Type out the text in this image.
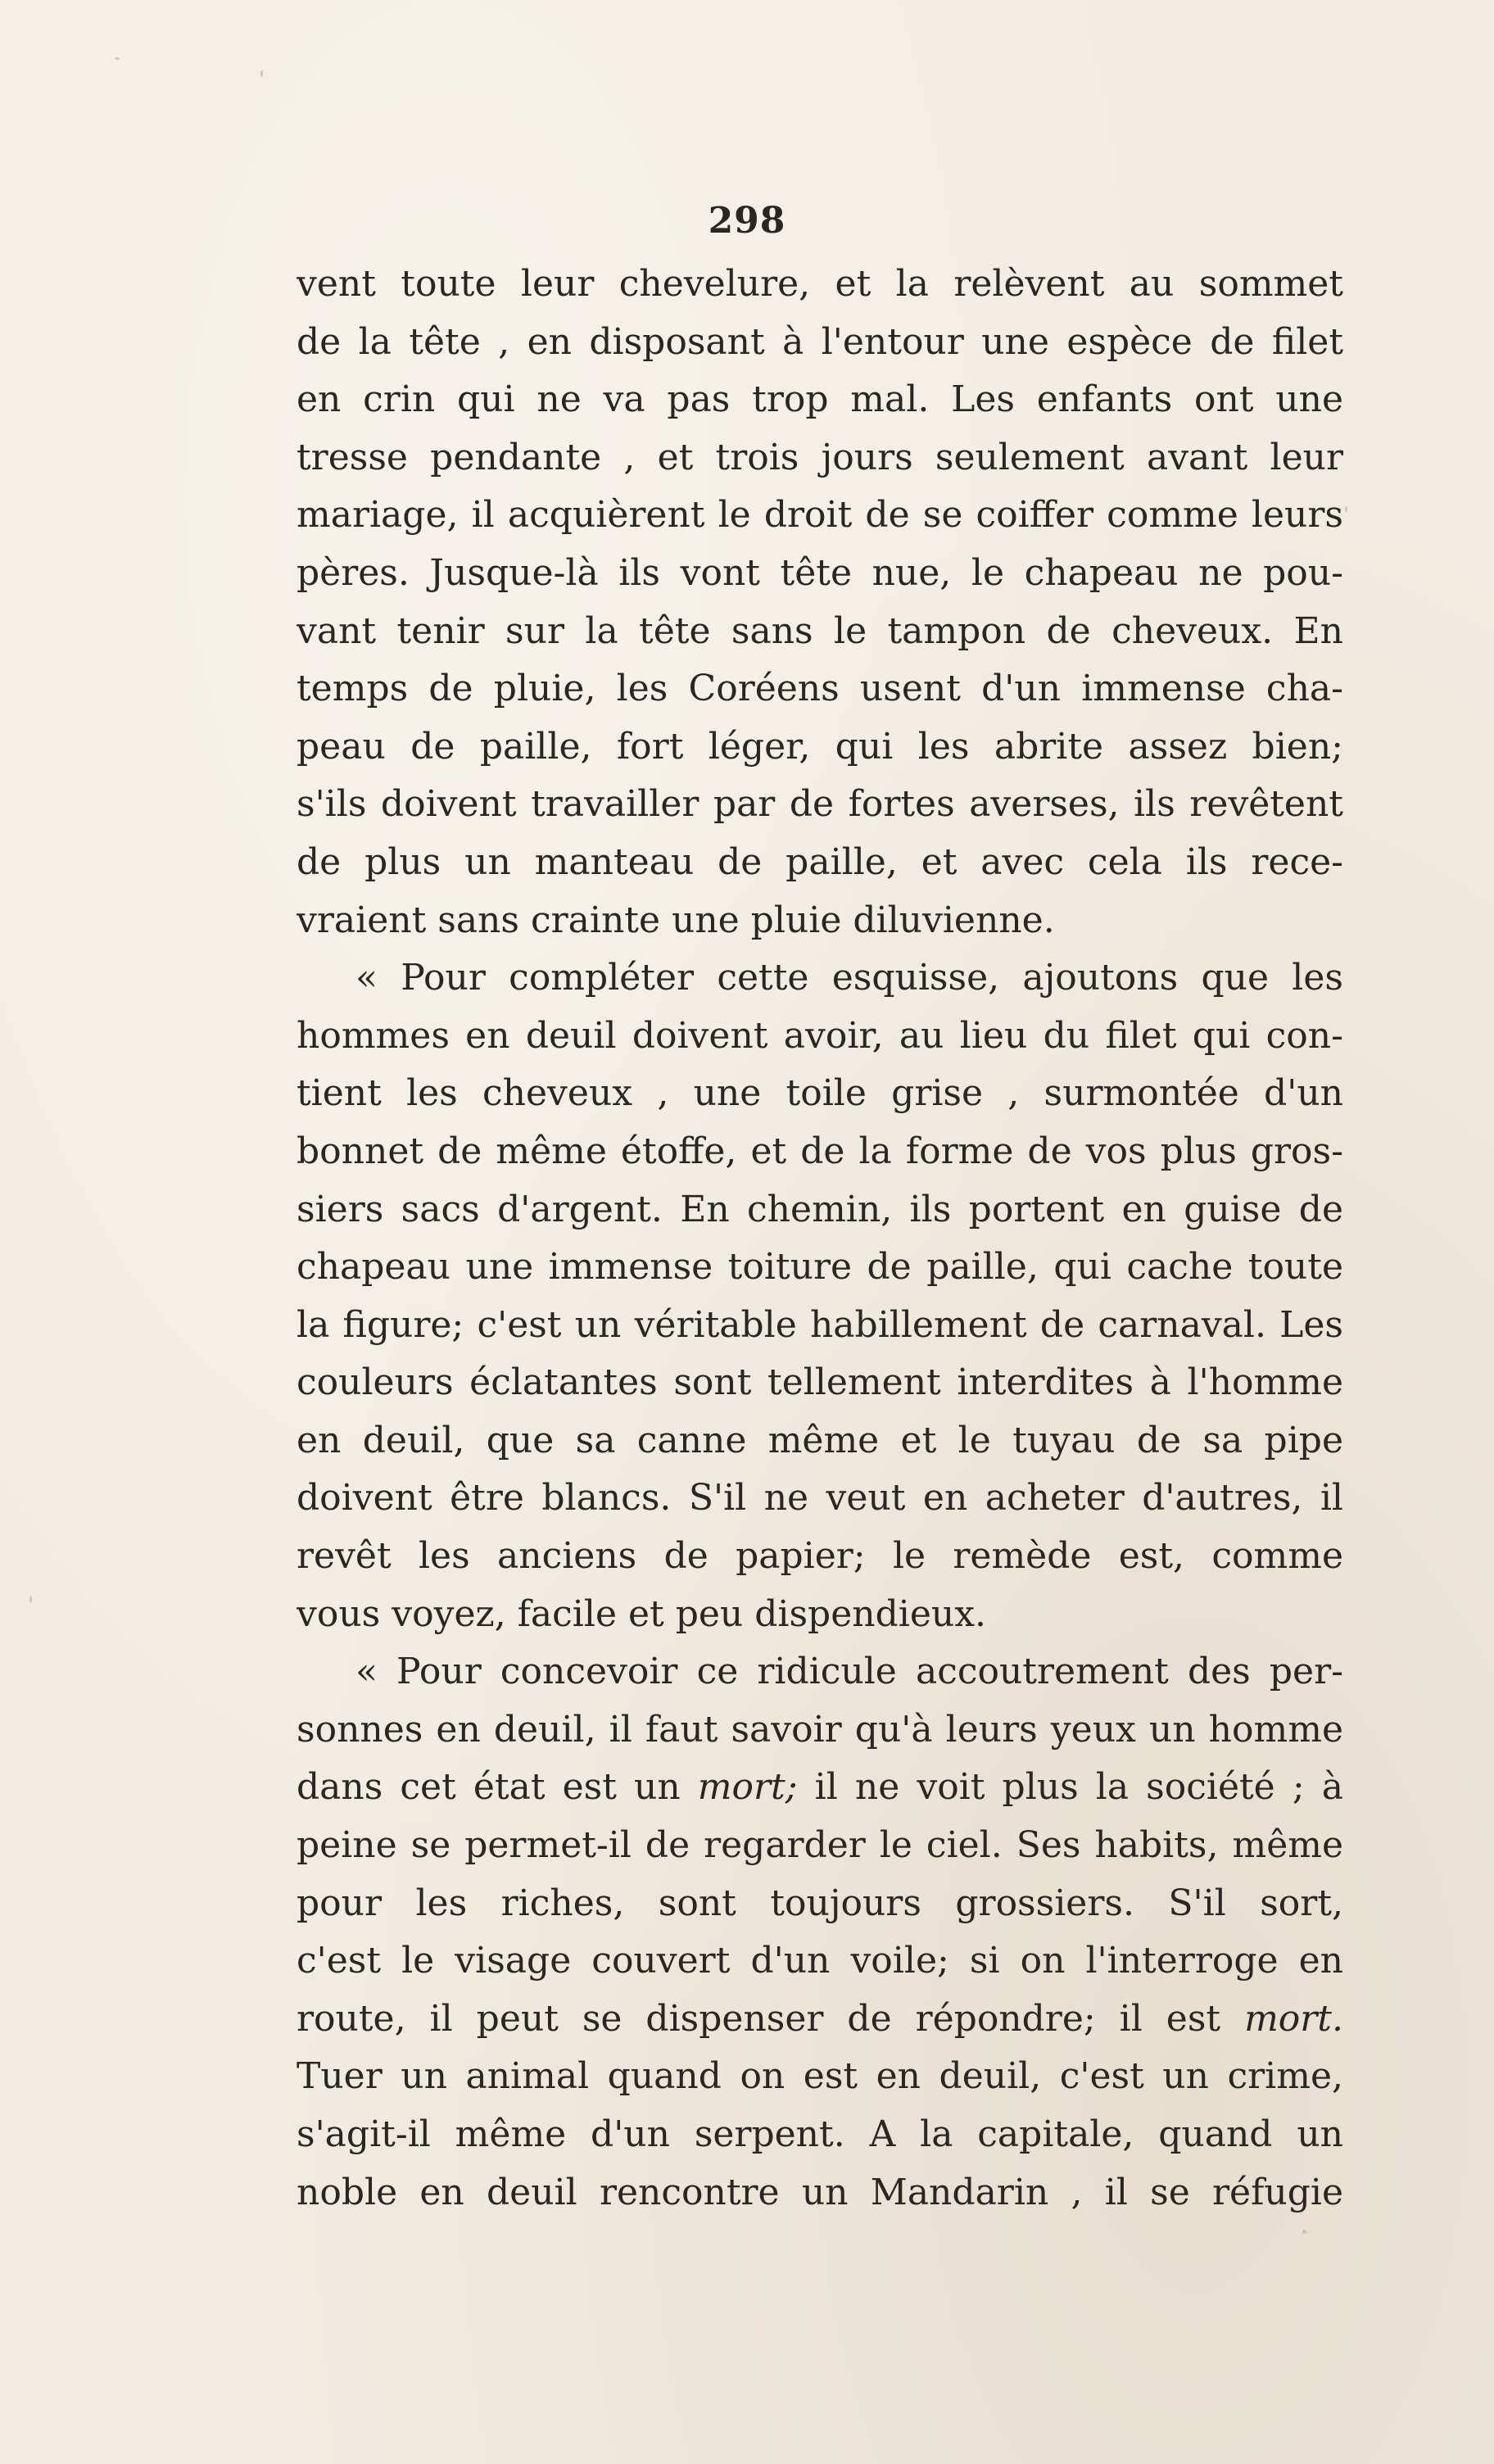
298
vent toute leur chevelure, et la relèvent au sommet
de la tête , en disposant à l'entour une espèce de filet
en crin qui ne va pas trop mal. Les enfants ont une
tresse pendante , et trois jours seulement avant leur
mariage, il acquièrent le droit de se coiffer comme leurs
pères. Jusque-là ils vont tête nue, le chapeau ne pou-
vant tenir sur la tête sans le tampon de cheveux. En
temps de pluie, les Coréens usent d'un immense cha-
peau de paille, fort léger, qui les abrite assez bien;
s'ils doivent travailler par de fortes averses, ils revêtent
de plus un manteau de paille, et avec cela ils rece-
vraient sans crainte une pluie diluvienne.
« Pour compléter cette esquisse, ajoutons que les
hommes en deuil doivent avoir, au lieu du filet qui con-
tient les cheveux , une toile grise , surmontée d'un
bonnet de même étoffe, et de la forme de vos plus gros-
siers sacs d'argent. En chemin, ils portent en guise de
chapeau une immense toiture de paille, qui cache toute
la figure; c'est un véritable habillement de carnaval. Les
couleurs éclatantes sont tellement interdites à l'homme
en deuil, que sa canne même et le tuyau de sa pipe
doivent être blancs. S'il ne veut en acheter d'autres, il
revêt les anciens de papier; le remède est, comme
vous voyez, facile et peu dispendieux.
« Pour concevoir ce ridicule accoutrement des per-
sonnes en deuil, il faut savoir qu'à leurs yeux un homme
dans cet état est un mort; il ne voit plus la société ; à
peine se permet-il de regarder le ciel. Ses habits, même
pour les riches, sont toujours grossiers. S'il sort,
c'est le visage couvert d'un voile; si on l'interroge en
route, il peut se dispenser de répondre; il est mort.
Tuer un animal quand on est en deuil, c'est un crime,
s'agit-il même d'un serpent. A la capitale, quand un
noble en deuil rencontre un Mandarin , il se réfugie
